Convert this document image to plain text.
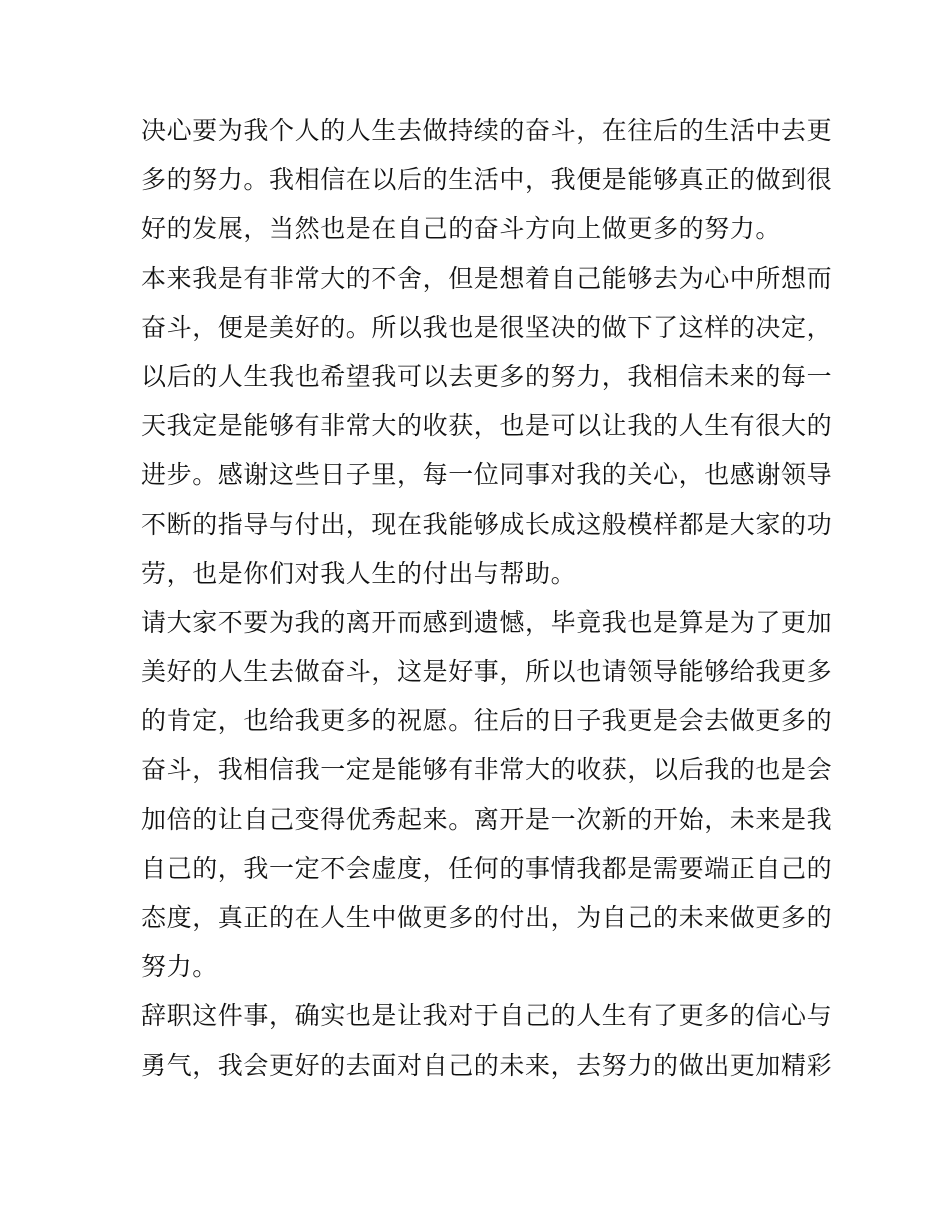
决心要为我个人的人生去做持续的奋斗，在往后的生活中去更
多的努力。我相信在以后的生活中，我便是能够真正的做到很
好的发展，当然也是在自己的奋斗方向上做更多的努力。
本来我是有非常大的不舍，但是想着自己能够去为心中所想而
奋斗，便是美好的。所以我也是很坚决的做下了这样的决定，
以后的人生我也希望我可以去更多的努力，我相信未来的每一
天我定是能够有非常大的收获，也是可以让我的人生有很大的
进步。感谢这些日子里，每一位同事对我的关心，也感谢领导
不断的指导与付出，现在我能够成长成这般模样都是大家的功
劳，也是你们对我人生的付出与帮助。
请大家不要为我的离开而感到遗憾，毕竟我也是算是为了更加
美好的人生去做奋斗，这是好事，所以也请领导能够给我更多
的肯定，也给我更多的祝愿。往后的日子我更是会去做更多的
奋斗，我相信我一定是能够有非常大的收获，以后我的也是会
加倍的让自己变得优秀起来。离开是一次新的开始，未来是我
自己的，我一定不会虚度，任何的事情我都是需要端正自己的
态度，真正的在人生中做更多的付出，为自己的未来做更多的
努力。
辞职这件事，确实也是让我对于自己的人生有了更多的信心与
勇气，我会更好的去面对自己的未来，去努力的做出更加精彩
